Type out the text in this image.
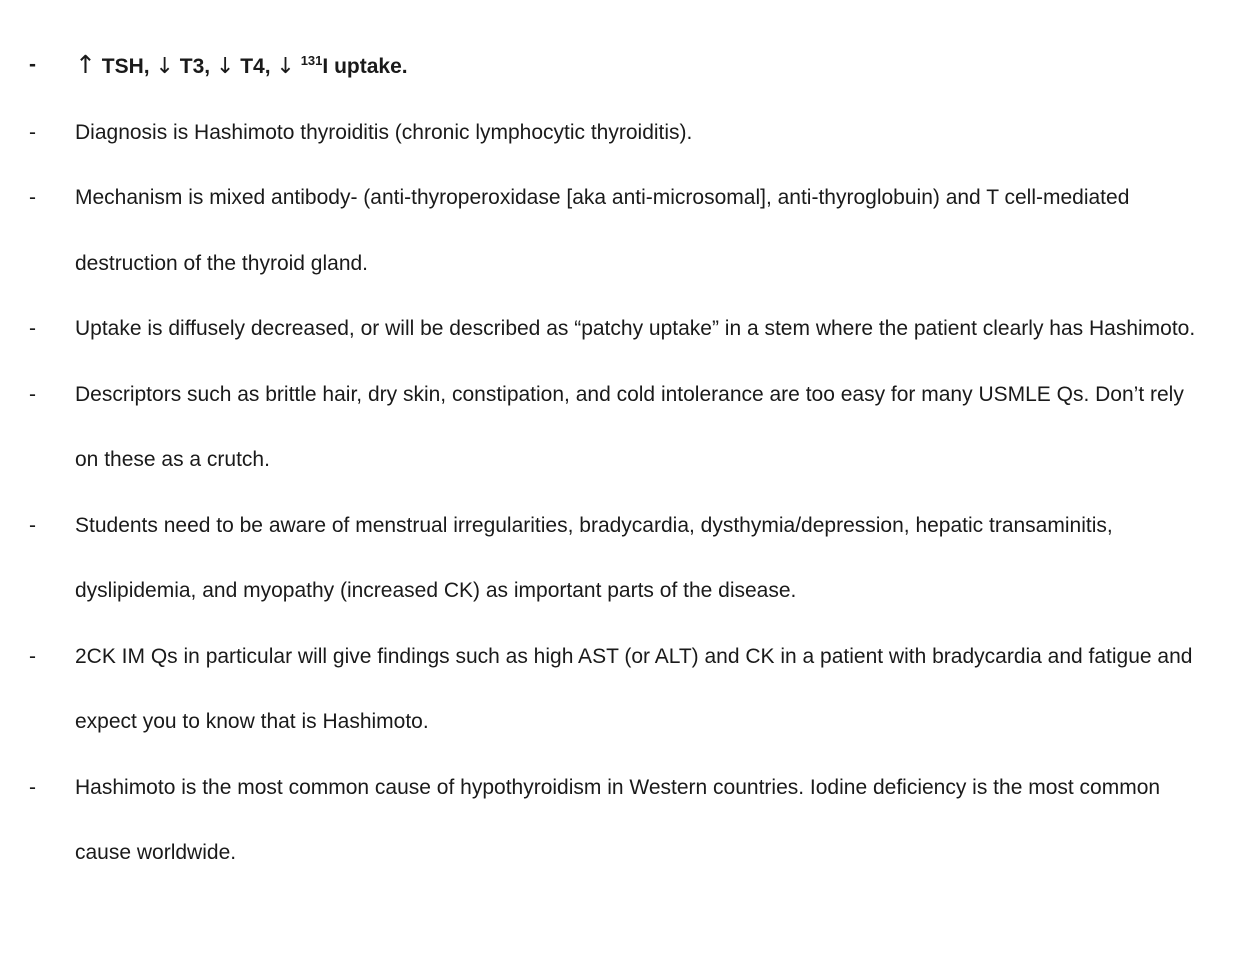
- ↑ TSH, ↓ T3, ↓ T4, ↓ $^{131}$I uptake.
- Diagnosis is Hashimoto thyroiditis (chronic lymphocytic thyroiditis).
- Mechanism is mixed antibody- (anti-thyroperoxidase [aka anti-microsomal], anti-thyroglobuin) and T cell-mediated destruction of the thyroid gland.
- Uptake is diffusely decreased, or will be described as “patchy uptake” in a stem where the patient clearly has Hashimoto.
- Descriptors such as brittle hair, dry skin, constipation, and cold intolerance are too easy for many USMLE Qs. Don’t rely on these as a crutch.
- Students need to be aware of menstrual irregularities, bradycardia, dysthymia/depression, hepatic transaminitis, dyslipidemia, and myopathy (increased CK) as important parts of the disease.
- 2CK IM Qs in particular will give findings such as high AST (or ALT) and CK in a patient with bradycardia and fatigue and expect you to know that is Hashimoto.
- Hashimoto is the most common cause of hypothyroidism in Western countries. Iodine deficiency is the most common cause worldwide.
